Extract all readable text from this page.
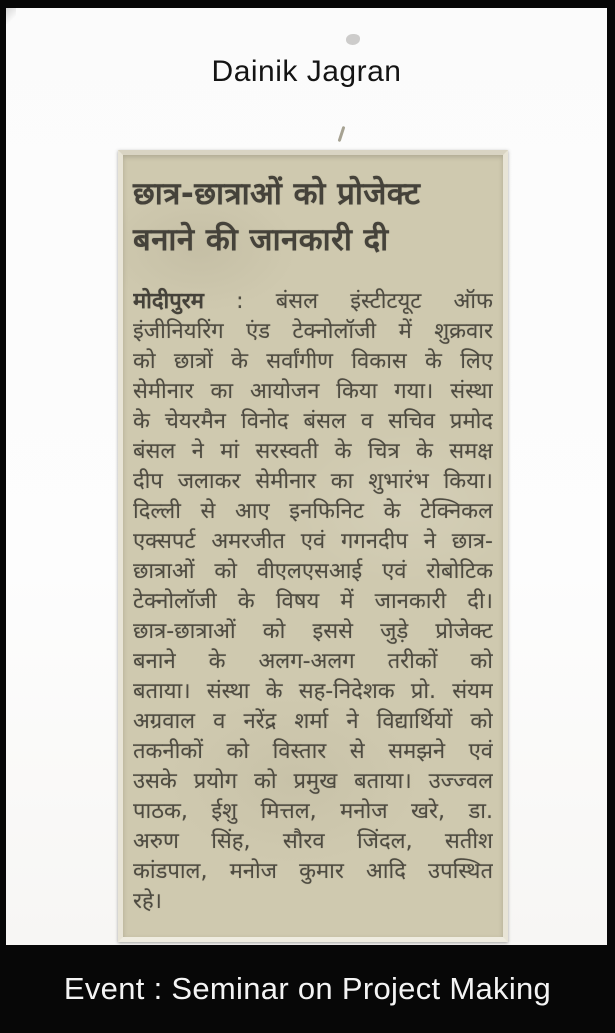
Dainik Jagran
छात्र-छात्राओं को प्रोजेक्ट
बनाने की जानकारी दी
मोदीपुरम : बंसल इंस्टीटयूट ऑफ
इंजीनियरिंग एंड टेक्नोलॉजी में शुक्रवार
को छात्रों के सर्वांगीण विकास के लिए
सेमीनार का आयोजन किया गया। संस्था
के चेयरमैन विनोद बंसल व सचिव प्रमोद
बंसल ने मां सरस्वती के चित्र के समक्ष
दीप जलाकर सेमीनार का शुभारंभ किया।
दिल्ली से आए इनफिनिट के टेक्निकल
एक्सपर्ट अमरजीत एवं गगनदीप ने छात्र-
छात्राओं को वीएलएसआई एवं रोबोटिक
टेक्नोलॉजी के विषय में जानकारी दी।
छात्र-छात्राओं को इससे जुड़े प्रोजेक्ट
बनाने के अलग-अलग तरीकों को
बताया। संस्था के सह-निदेशक प्रो. संयम
अग्रवाल व नरेंद्र शर्मा ने विद्यार्थियों को
तकनीकों को विस्तार से समझने एवं
उसके प्रयोग को प्रमुख बताया। उज्ज्वल
पाठक, ईशु मित्तल, मनोज खरे, डा.
अरुण सिंह, सौरव जिंदल, सतीश
कांडपाल, मनोज कुमार आदि उपस्थित
रहे।
Event : Seminar on Project Making
